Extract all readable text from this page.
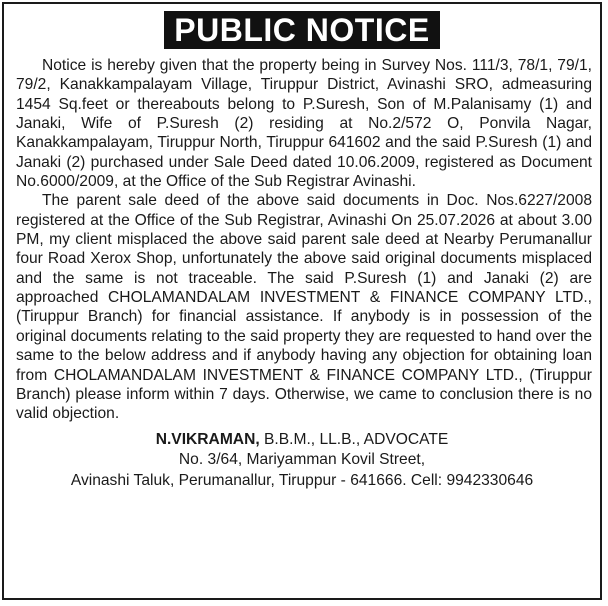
PUBLIC NOTICE

Notice is hereby given that the property being in Survey Nos. 111/3, 78/1, 79/1, 79/2, Kanakkampalayam Village, Tiruppur District, Avinashi SRO, admeasuring 1454 Sq.feet or thereabouts belong to P.Suresh, Son of M.Palanisamy (1) and Janaki, Wife of P.Suresh (2) residing at No.2/572 O, Ponvila Nagar, Kanakkampalayam, Tiruppur North, Tiruppur 641602 and the said P.Suresh (1) and Janaki (2) purchased under Sale Deed dated 10.06.2009, registered as Document No.6000/2009, at the Office of the Sub Registrar Avinashi.

The parent sale deed of the above said documents in Doc. Nos.6227/2008 registered at the Office of the Sub Registrar, Avinashi On 25.07.2026 at about 3.00 PM, my client misplaced the above said parent sale deed at Nearby Perumanallur four Road Xerox Shop, unfortunately the above said original documents misplaced and the same is not traceable. The said P.Suresh (1) and Janaki (2) are approached CHOLAMANDALAM INVESTMENT & FINANCE COMPANY LTD., (Tiruppur Branch) for financial assistance. If anybody is in possession of the original documents relating to the said property they are requested to hand over the same to the below address and if anybody having any objection for obtaining loan from CHOLAMANDALAM INVESTMENT & FINANCE COMPANY LTD., (Tiruppur Branch) please inform within 7 days. Otherwise, we came to conclusion there is no valid objection.

N.VIKRAMAN, B.B.M., LL.B., ADVOCATE
No. 3/64, Mariyamman Kovil Street,
Avinashi Taluk, Perumanallur, Tiruppur - 641666. Cell: 9942330646
